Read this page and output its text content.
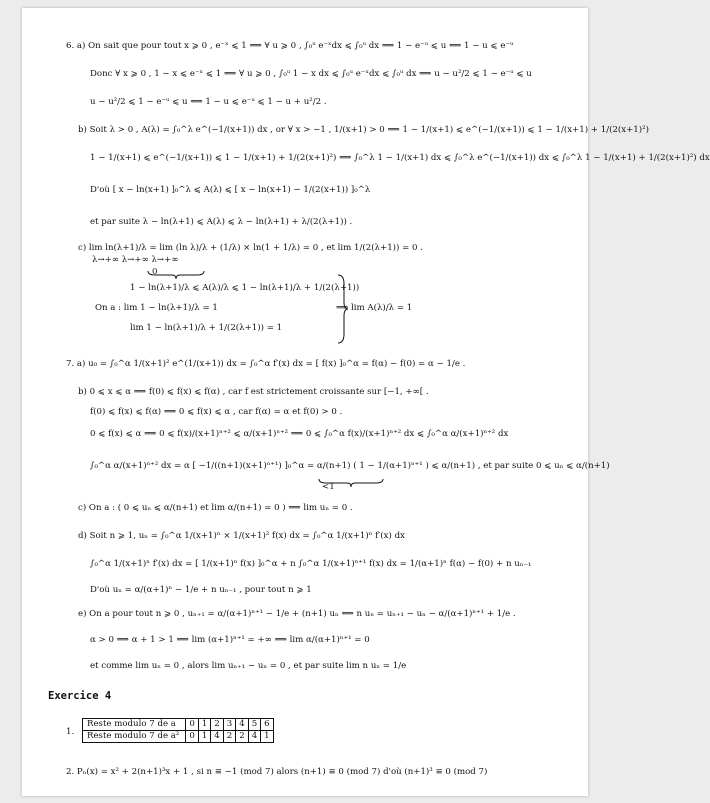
6. a) On sait que pour tout x ⩾ 0 , e⁻ˣ ⩽ 1 ⟹ ∀ u ⩾ 0 , ∫₀ᵘ e⁻ˣdx ⩽ ∫₀ᵘ dx ⟹ 1 − e⁻ᵘ ⩽ u ⟺ 1 − u ⩽ e⁻ᵘ
Donc ∀ x ⩾ 0 , 1 − x ⩽ e⁻ˣ ⩽ 1 ⟹ ∀ u ⩾ 0 , ∫₀ᵘ 1 − x dx ⩽ ∫₀ᵘ e⁻ˣdx ⩽ ∫₀ᵘ dx ⟹ u − u²/2 ⩽ 1 − e⁻ᵘ ⩽ u
u − u²/2 ⩽ 1 − e⁻ᵘ ⩽ u ⟺ 1 − u ⩽ e⁻ᵘ ⩽ 1 − u + u²/2 .
b) Soit λ > 0 , A(λ) = ∫₀^λ e^(−1/(x+1)) dx , or ∀ x > −1 , 1/(x+1) > 0 ⟹ 1 − 1/(x+1) ⩽ e^(−1/(x+1)) ⩽ 1 − 1/(x+1) + 1/(2(x+1)²)
1 − 1/(x+1) ⩽ e^(−1/(x+1)) ⩽ 1 − 1/(x+1) + 1/(2(x+1)²) ⟹ ∫₀^λ 1 − 1/(x+1) dx ⩽ ∫₀^λ e^(−1/(x+1)) dx ⩽ ∫₀^λ 1 − 1/(x+1) + 1/(2(x+1)²) dx
D'où [ x − ln(x+1) ]₀^λ ⩽ A(λ) ⩽ [ x − ln(x+1) − 1/(2(x+1)) ]₀^λ
et par suite λ − ln(λ+1) ⩽ A(λ) ⩽ λ − ln(λ+1) + λ/(2(λ+1)) .
c) lim ln(λ+1)/λ = lim (ln λ)/λ + (1/λ) × ln(1 + 1/λ) = 0 , et lim 1/(2(λ+1)) = 0 .
λ→+∞ λ→+∞ λ→+∞
1 − ln(λ+1)/λ ⩽ A(λ)/λ ⩽ 1 − ln(λ+1)/λ + 1/(2(λ+1))
On a : lim 1 − ln(λ+1)/λ = 1	⟹ lim A(λ)/λ = 1
lim 1 − ln(λ+1)/λ + 1/(2(λ+1)) = 1
7. a) u₀ = ∫₀^α 1/(x+1)² e^(1/(x+1)) dx = ∫₀^α f′(x) dx = [ f(x) ]₀^α = f(α) − f(0) = α − 1/e .
b) 0 ⩽ x ⩽ α ⟹ f(0) ⩽ f(x) ⩽ f(α) , car f est strictement croissante sur [−1, +∞[ .
f(0) ⩽ f(x) ⩽ f(α) ⟹ 0 ⩽ f(x) ⩽ α , car f(α) = α et f(0) > 0 .
0 ⩽ f(x) ⩽ α ⟹ 0 ⩽ f(x)/(x+1)ⁿ⁺² ⩽ α/(x+1)ⁿ⁺² ⟹ 0 ⩽ ∫₀^α f(x)/(x+1)ⁿ⁺² dx ⩽ ∫₀^α α/(x+1)ⁿ⁺² dx
∫₀^α α/(x+1)ⁿ⁺² dx = α [ −1/((n+1)(x+1)ⁿ⁺¹) ]₀^α = α/(n+1) ( 1 − 1/(α+1)ⁿ⁺¹ ) ⩽ α/(n+1) , et par suite 0 ⩽ uₙ ⩽ α/(n+1)
<1
c) On a : ( 0 ⩽ uₙ ⩽ α/(n+1) et lim α/(n+1) = 0 ) ⟹ lim uₙ = 0 .
d) Soit n ⩾ 1, uₙ = ∫₀^α 1/(x+1)ⁿ × 1/(x+1)² f(x) dx = ∫₀^α 1/(x+1)ⁿ f′(x) dx
∫₀^α 1/(x+1)ⁿ f′(x) dx = [ 1/(x+1)ⁿ f(x) ]₀^α + n ∫₀^α 1/(x+1)ⁿ⁺¹ f(x) dx = 1/(α+1)ⁿ f(α) − f(0) + n uₙ₋₁
D'où uₙ = α/(α+1)ⁿ − 1/e + n uₙ₋₁ , pour tout n ⩾ 1
e) On a pour tout n ⩾ 0 , uₙ₊₁ = α/(α+1)ⁿ⁺¹ − 1/e + (n+1) uₙ ⟺ n uₙ = uₙ₊₁ − uₙ − α/(α+1)ⁿ⁺¹ + 1/e .
α > 0 ⟹ α + 1 > 1 ⟹ lim (α+1)ⁿ⁺¹ = +∞ ⟹ lim α/(α+1)ⁿ⁺¹ = 0
et comme lim uₙ = 0 , alors lim uₙ₊₁ − uₙ = 0 , et par suite lim n uₙ = 1/e
2. Pₙ(x) = x² + 2(n+1)³x + 1 , si n ≡ −1 (mod 7) alors (n+1) ≡ 0 (mod 7) d'où (n+1)³ ≡ 0 (mod 7)
0
Exercice 4
1.
Reste modulo 7 de a	0	1	2	3	4	5	6
Reste modulo 7 de a²	0	1	4	2	2	4	1
